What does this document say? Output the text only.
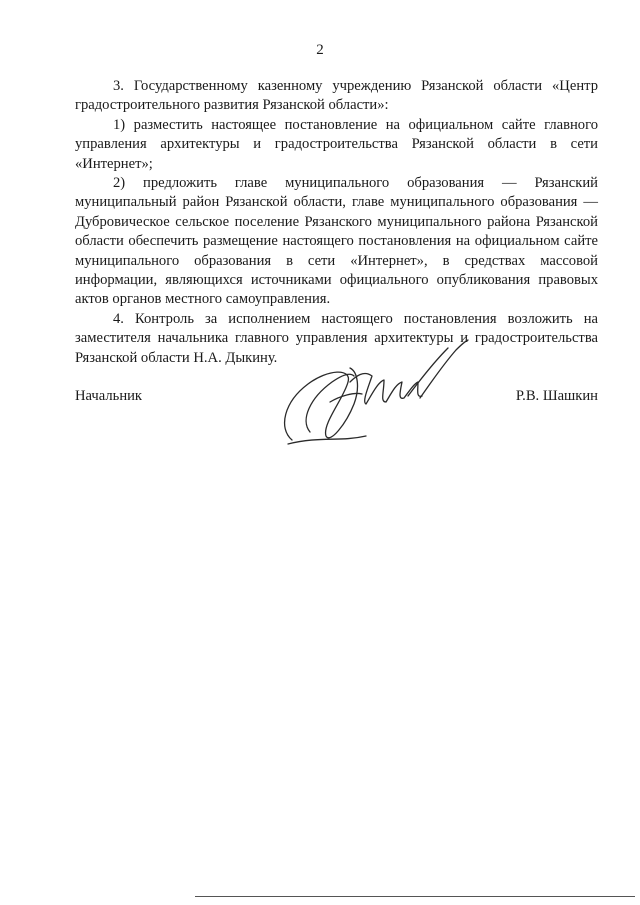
2

3. Государственному казенному учреждению Рязанской области «Центр градостроительного развития Рязанской области»:

1) разместить настоящее постановление на официальном сайте главного управления архитектуры и градостроительства Рязанской области в сети «Интернет»;

2) предложить главе муниципального образования — Рязанский муниципальный район Рязанской области, главе муниципального образования — Дубровическое сельское поселение Рязанского муниципального района Рязанской области обеспечить размещение настоящего постановления на официальном сайте муниципального образования в сети «Интернет», в средствах массовой информации, являющихся источниками официального опубликования правовых актов органов местного самоуправления.

4. Контроль за исполнением настоящего постановления возложить на заместителя начальника главного управления архитектуры и градостроительства Рязанской области Н.А. Дыкину.

Начальник	Р.В. Шашкин
